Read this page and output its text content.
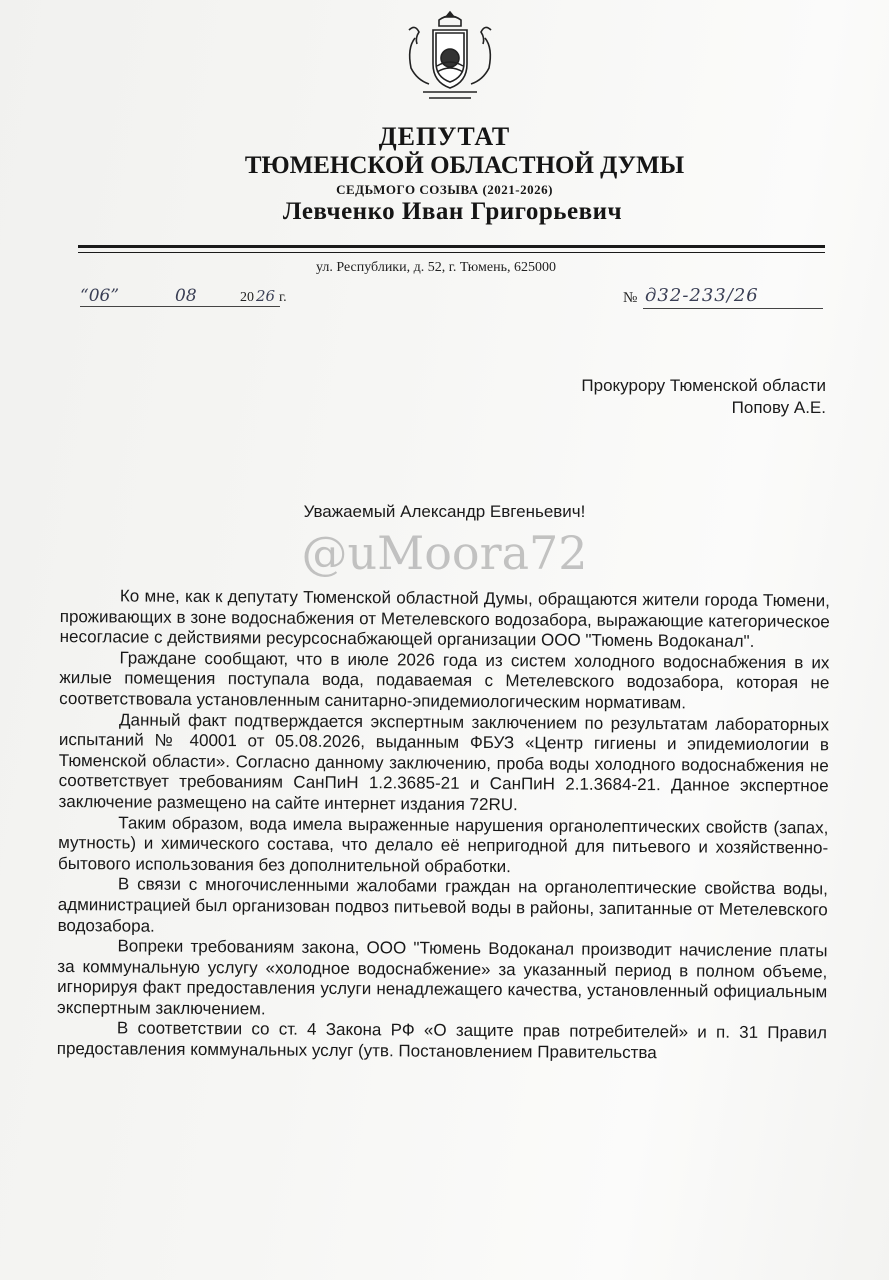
ДЕПУТАТ
ТЮМЕНСКОЙ ОБЛАСТНОЙ ДУМЫ
СЕДЬМОГО СОЗЫВА (2021-2026)
Левченко Иван Григорьевич
ул. Республики, д. 52, г. Тюмень, 625000
“06”	08	20 26 г.	№ д32-233/26
Прокурору Тюменской области
Попову А.Е.
Уважаемый Александр Евгеньевич!
@uMoora72

Ко мне, как к депутату Тюменской областной Думы, обращаются жители города Тюмени, проживающих в зоне водоснабжения от Метелевского водозабора, выражающие категорическое несогласие с действиями ресурсоснабжающей организации ООО "Тюмень Водоканал".

Граждане сообщают, что в июле 2026 года из систем холодного водоснабжения в их жилые помещения поступала вода, подаваемая с Метелевского водозабора, которая не соответствовала установленным санитарно-эпидемиологическим нормативам.

Данный факт подтверждается экспертным заключением по результатам лабораторных испытаний № 40001 от 05.08.2026, выданным ФБУЗ «Центр гигиены и эпидемиологии в Тюменской области». Согласно данному заключению, проба воды холодного водоснабжения не соответствует требованиям СанПиН 1.2.3685-21 и СанПиН 2.1.3684-21. Данное экспертное заключение размещено на сайте интернет издания 72RU.

Таким образом, вода имела выраженные нарушения органолептических свойств (запах, мутность) и химического состава, что делало её непригодной для питьевого и хозяйственно-бытового использования без дополнительной обработки.

В связи с многочисленными жалобами граждан на органолептические свойства воды, администрацией был организован подвоз питьевой воды в районы, запитанные от Метелевского водозабора.

Вопреки требованиям закона, ООО "Тюмень Водоканал производит начисление платы за коммунальную услугу «холодное водоснабжение» за указанный период в полном объеме, игнорируя факт предоставления услуги ненадлежащего качества, установленный официальным экспертным заключением.

В соответствии со ст. 4 Закона РФ «О защите прав потребителей» и п. 31 Правил предоставления коммунальных услуг (утв. Постановлением Правительства
